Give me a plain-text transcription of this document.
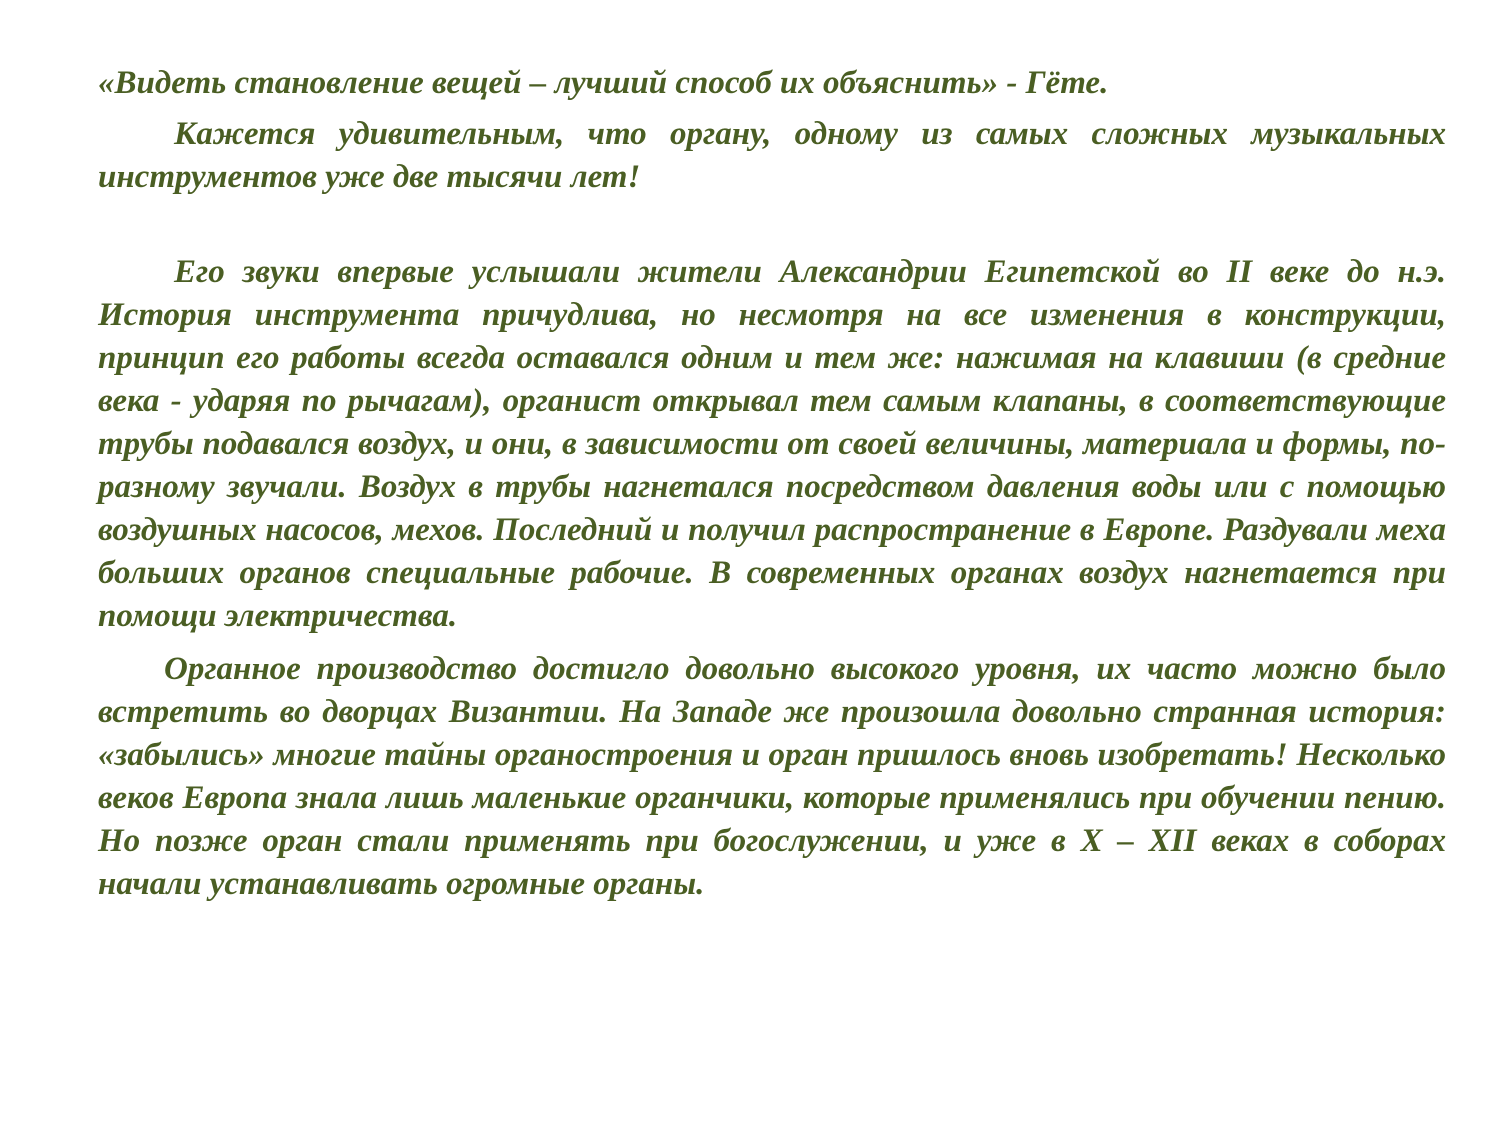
«Видеть становление вещей – лучший способ их объяснить» - Гёте.

Кажется удивительным, что органу, одному из самых сложных музыкальных инструментов уже две тысячи лет!

Его звуки впервые услышали жители Александрии Египетской во II веке до н.э. История инструмента причудлива, но несмотря на все изменения в конструкции, принцип его работы всегда оставался одним и тем же: нажимая на клавиши (в средние века - ударяя по рычагам), органист открывал тем самым клапаны, в соответствующие трубы подавался воздух, и они, в зависимости от своей величины, материала и формы, по-разному звучали. Воздух в трубы нагнетался посредством давления воды или с помощью воздушных насосов, мехов. Последний и получил распространение в Европе. Раздували меха больших органов специальные рабочие. В современных органах воздух нагнетается при помощи электричества.

Органное производство достигло довольно высокого уровня, их часто можно было встретить во дворцах Византии. На Западе же произошла довольно странная история: «забылись» многие тайны органостроения и орган пришлось вновь изобретать! Несколько веков Европа знала лишь маленькие органчики, которые применялись при обучении пению. Но позже орган стали применять при богослужении, и уже в X – XII веках в соборах начали устанавливать огромные органы.
